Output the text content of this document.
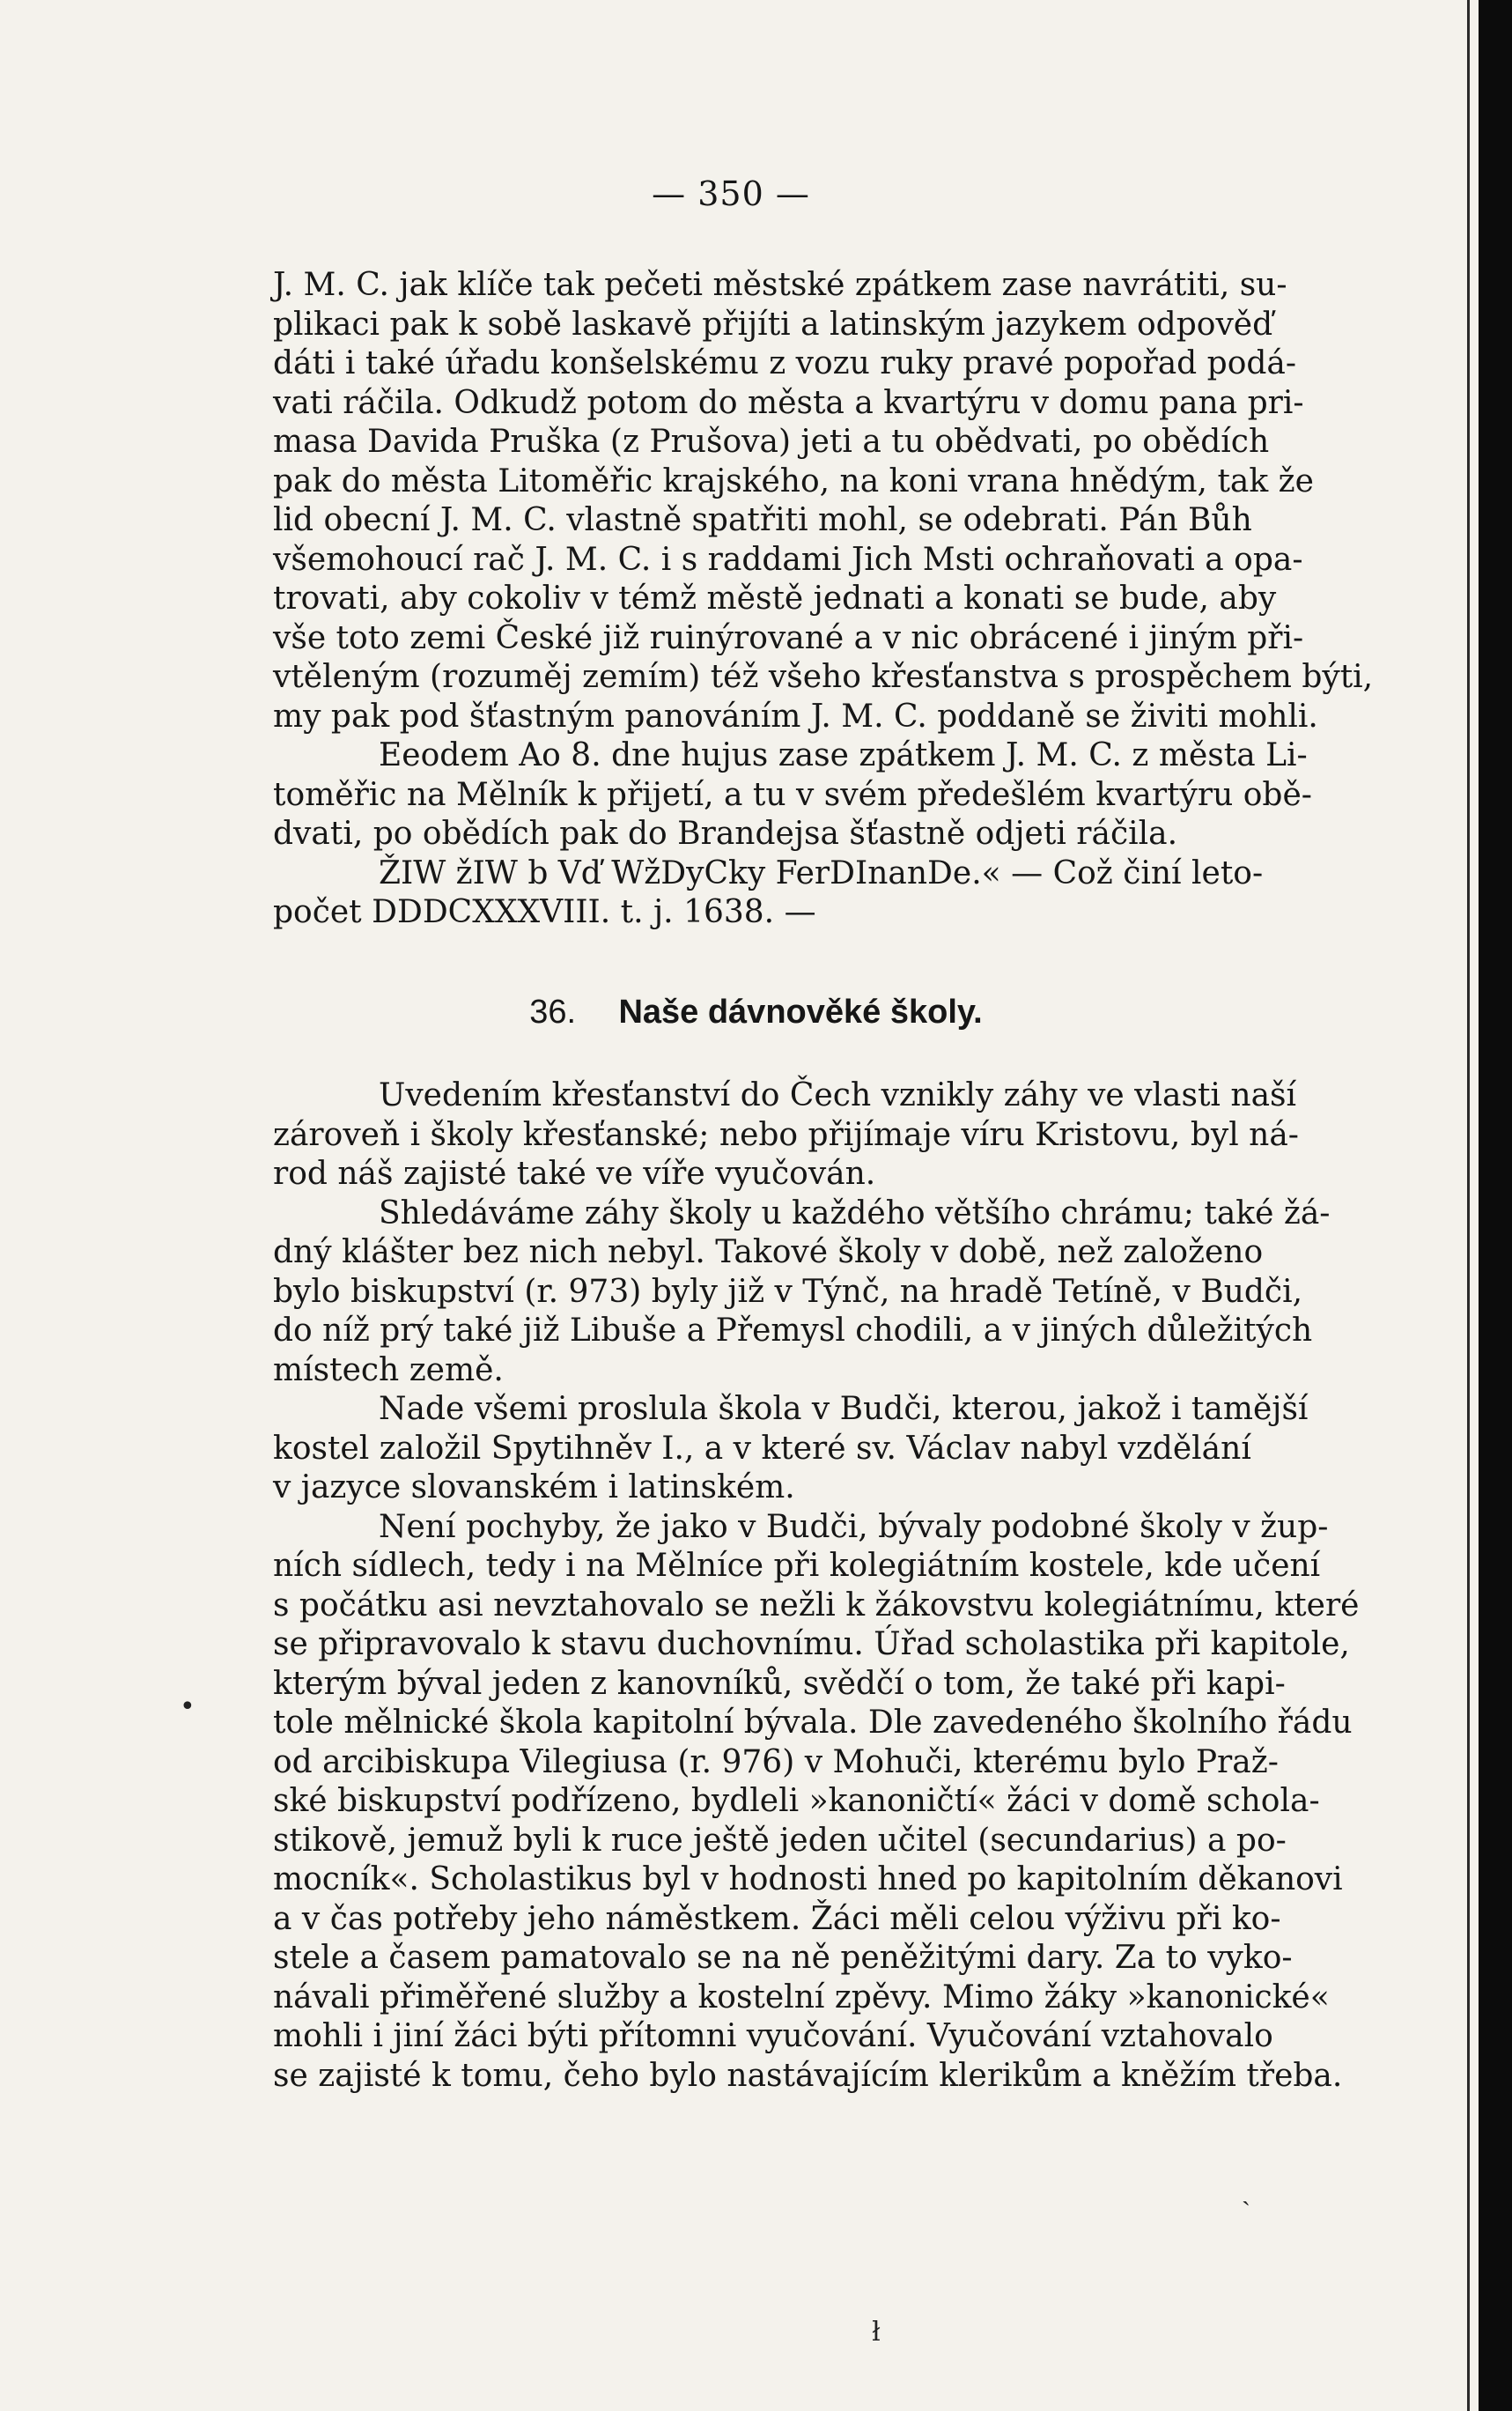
— 350 —
J. M. C. jak klíče tak pečeti městské zpátkem zase navrátiti, su-
plikaci pak k sobě laskavě přijíti a latinským jazykem odpověď
dáti i také úřadu konšelskému z vozu ruky pravé popořad podá-
vati ráčila. Odkudž potom do města a kvartýru v domu pana pri-
masa Davida Pruška (z Prušova) jeti a tu obědvati, po obědích
pak do města Litoměřic krajského, na koni vrana hnědým, tak že
lid obecní J. M. C. vlastně spatřiti mohl, se odebrati. Pán Bůh
všemohoucí rač J. M. C. i s raddami Jich Msti ochraňovati a opa-
trovati, aby cokoliv v témž městě jednati a konati se bude, aby
vše toto zemi České již ruinýrované a v nic obrácené i jiným při-
vtěleným (rozuměj zemím) též všeho křesťanstva s prospěchem býti,
my pak pod šťastným panováním J. M. C. poddaně se živiti mohli.
Eeodem Ao 8. dne hujus zase zpátkem J. M. C. z města Li-
toměřic na Mělník k přijetí, a tu v svém předešlém kvartýru obě-
dvati, po obědích pak do Brandejsa šťastně odjeti ráčila.
ŽIW žIW b Vď WžDyCky FerDInanDe.« — Což činí leto-
počet DDDCXXXVIII. t. j. 1638. —
36. Naše dávnověké školy.
Uvedením křesťanství do Čech vznikly záhy ve vlasti naší
zároveň i školy křesťanské; nebo přijímaje víru Kristovu, byl ná-
rod náš zajisté také ve víře vyučován.
Shledáváme záhy školy u každého většího chrámu; také žá-
dný klášter bez nich nebyl. Takové školy v době, než založeno
bylo biskupství (r. 973) byly již v Týnč, na hradě Tetíně, v Budči,
do níž prý také již Libuše a Přemysl chodili, a v jiných důležitých
místech země.
Nade všemi proslula škola v Budči, kterou, jakož i tamější
kostel založil Spytihněv I., a v které sv. Václav nabyl vzdělání
v jazyce slovanském i latinském.
Není pochyby, že jako v Budči, bývaly podobné školy v žup-
ních sídlech, tedy i na Mělníce při kolegiátním kostele, kde učení
s počátku asi nevztahovalo se nežli k žákovstvu kolegiátnímu, které
se připravovalo k stavu duchovnímu. Úřad scholastika při kapitole,
kterým býval jeden z kanovníků, svědčí o tom, že také při kapi-
tole mělnické škola kapitolní bývala. Dle zavedeného školního řádu
od arcibiskupa Vilegiusa (r. 976) v Mohuči, kterému bylo Praž-
ské biskupství podřízeno, bydleli »kanoničtí« žáci v domě schola-
stikově, jemuž byli k ruce ještě jeden učitel (secundarius) a po-
mocník«. Scholastikus byl v hodnosti hned po kapitolním děkanovi
a v čas potřeby jeho náměstkem. Žáci měli celou výživu při ko-
stele a časem pamatovalo se na ně peněžitými dary. Za to vyko-
návali přiměřené služby a kostelní zpěvy. Mimo žáky »kanonické«
mohli i jiní žáci býti přítomni vyučování. Vyučování vztahovalo
se zajisté k tomu, čeho bylo nastávajícím klerikům a kněžím třeba.
•
ˏ
ł
